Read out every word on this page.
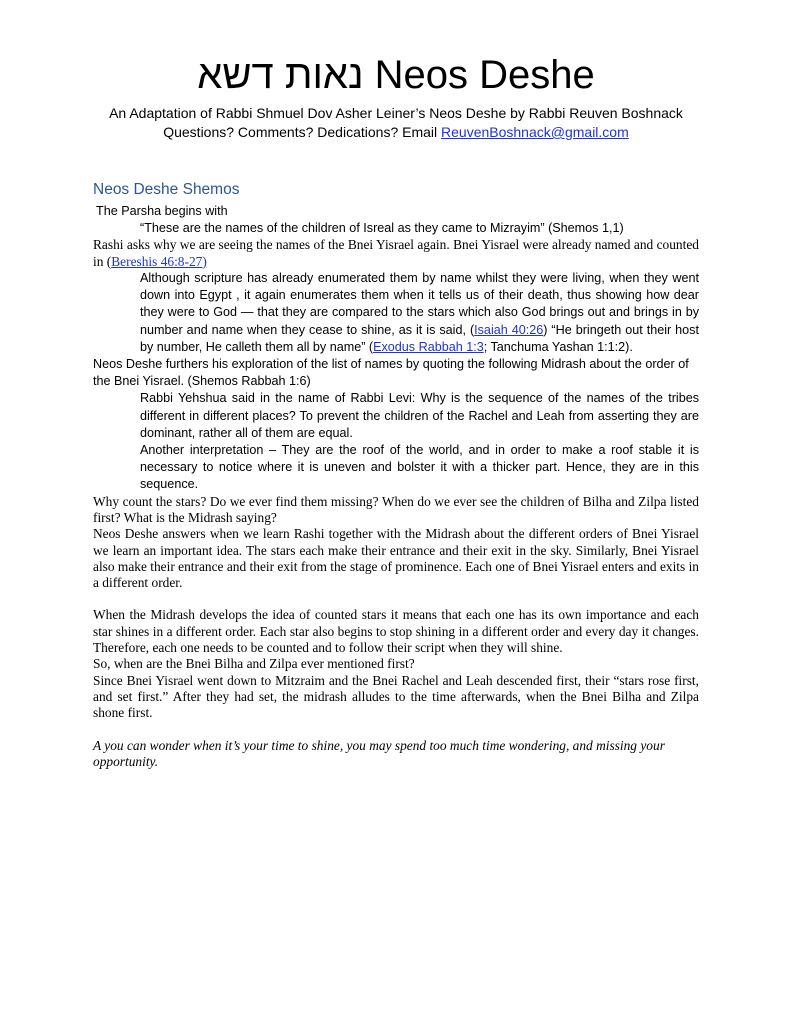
נאות דשא Neos Deshe
An Adaptation of Rabbi Shmuel Dov Asher Leiner’s Neos Deshe by Rabbi Reuven Boshnack
Questions? Comments? Dedications? Email ReuvenBoshnack@gmail.com
Neos Deshe Shemos

The Parsha begins with

“These are the names of the children of Isreal as they came to Mizrayim” (Shemos 1,1)

Rashi asks why we are seeing the names of the Bnei Yisrael again. Bnei Yisrael were already named and counted in (Bereshis 46:8-27)

Although scripture has already enumerated them by name whilst they were living, when they went down into Egypt , it again enumerates them when it tells us of their death, thus showing how dear they were to God — that they are compared to the stars which also God brings out and brings in by number and name when they cease to shine, as it is said, (Isaiah 40:26) “He bringeth out their host by number, He calleth them all by name” (Exodus Rabbah 1:3; Tanchuma Yashan 1:1:2).

Neos Deshe furthers his exploration of the list of names by quoting the following Midrash about the order of the Bnei Yisrael. (Shemos Rabbah 1:6)

Rabbi Yehshua said in the name of Rabbi Levi: Why is the sequence of the names of the tribes different in different places? To prevent the children of the Rachel and Leah from asserting they are dominant, rather all of them are equal.

Another interpretation – They are the roof of the world, and in order to make a roof stable it is necessary to notice where it is uneven and bolster it with a thicker part. Hence, they are in this sequence.

Why count the stars? Do we ever find them missing? When do we ever see the children of Bilha and Zilpa listed first? What is the Midrash saying?

Neos Deshe answers when we learn Rashi together with the Midrash about the different orders of Bnei Yisrael we learn an important idea. The stars each make their entrance and their exit in the sky. Similarly, Bnei Yisrael also make their entrance and their exit from the stage of prominence. Each one of Bnei Yisrael enters and exits in a different order.

When the Midrash develops the idea of counted stars it means that each one has its own importance and each star shines in a different order. Each star also begins to stop shining in a different order and every day it changes. Therefore, each one needs to be counted and to follow their script when they will shine.

So, when are the Bnei Bilha and Zilpa ever mentioned first?

Since Bnei Yisrael went down to Mitzraim and the Bnei Rachel and Leah descended first, their “stars rose first, and set first.” After they had set, the midrash alludes to the time afterwards, when the Bnei Bilha and Zilpa shone first.

A you can wonder when it’s your time to shine, you may spend too much time wondering, and missing your opportunity.
